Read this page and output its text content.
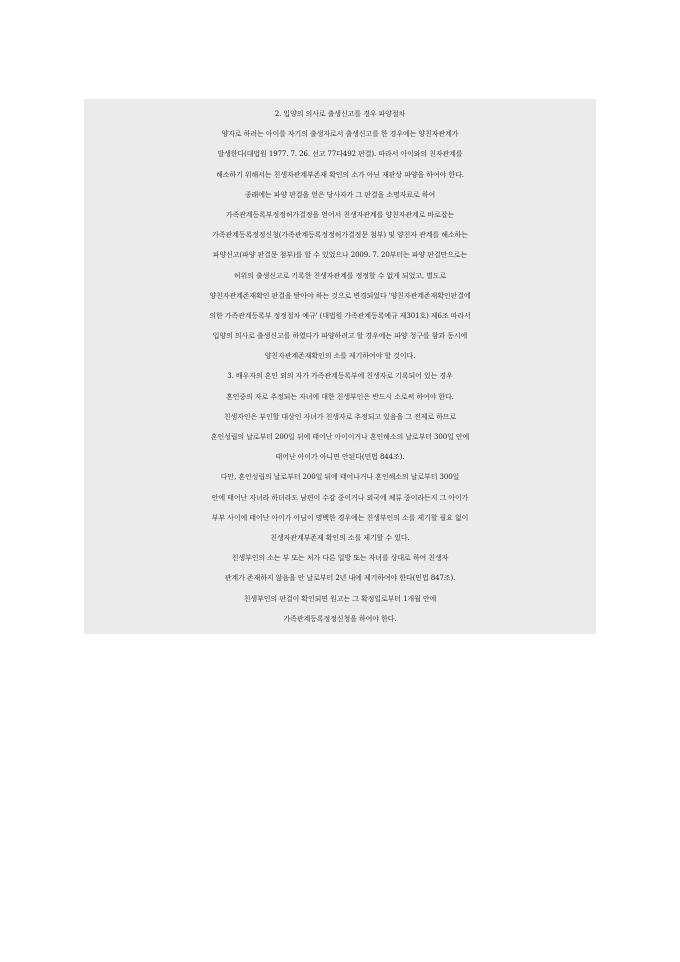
2. 입양의 의사로 출생신고를 경우 파양절차
양자로 하려는 아이를 자기의 출생자로서 출생신고를 한 경우에는 양친자관계가
발생한다(대법원 1977. 7. 26. 선고 77다492 판결). 따라서 아이와의 친자관계를
해소하기 위해서는 친생자관계부존재 확인의 소가 아닌 재판상 파양을 하여야 한다.
종래에는 파양 판결을 얻은 당사자가 그 판결을 소명자료로 하여
가족관계등록부정정허가결정을 얻어서 친생자관계를 양친자관계로 바로잡는
가족관계등록정정신청(가족관계등록정정허가결정문 첨부) 및 양친자 관계를 해소하는
파양신고(파양 판결문 첨부)를 할 수 있었으나 2009. 7. 20부터는 파양 판결만으로는
허위의 출생신고로 기록한 친생자관계를 정정할 수 없게 되었고, 별도로
양친자관계존재확인 판결을 받아야 하는 것으로 변경되었다 '양친자관계존재확인판결에
의한 가족관계등록부 정정절차 예규' (대법원 가족관계등록예규 제301호) 제6조 따라서
입양의 의사로 출생신고를 하였다가 파양하려고 할 경우에는 파양 청구를 함과 동시에
양친자관계존재확인의 소를 제기하여야 할 것이다.
3. 배우자의 혼인 외의 자가 가족관계등록부에 친생자로 기록되어 있는 경우
혼인중의 자로 추정되는 자녀에 대한 친생부인은 반드시 소로써 하여야 한다.
친생자인은 부인할 대상인 자녀가 친생자로 추정되고 있음을 그 전제로 하므로
혼인성립의 날로부터 200일 뒤에 태어난 아이이거나 혼인해소의 날로부터 300일 안에
태어난 아이가 아니면 안된다(민법 844조).
다만, 혼인성립의 날로부터 200일 뒤에 태어나거나 혼인해소의 날로부터 300일
안에 태어난 자녀라 하더라도 남편이 수감 중이거나 외국에 체류 중이라든지 그 아이가
부부 사이에 태어난 아이가 아님이 명백한 경우에는 친생부인의 소를 제기할 필요 없이
친생자관계부존재 확인의 소를 제기할 수 있다.
친생부인의 소는 부 또는 처가 다른 일방 또는 자녀를 상대로 하여 친생자
관계가 존재하지 않음을 안 날로부터 2년 내에 제기하여야 한다(민법 847조).
친생부인의 판결이 확인되면 원고는 그 확정일로부터 1개월 안에
가족관계등록정정신청을 하여야 한다.
